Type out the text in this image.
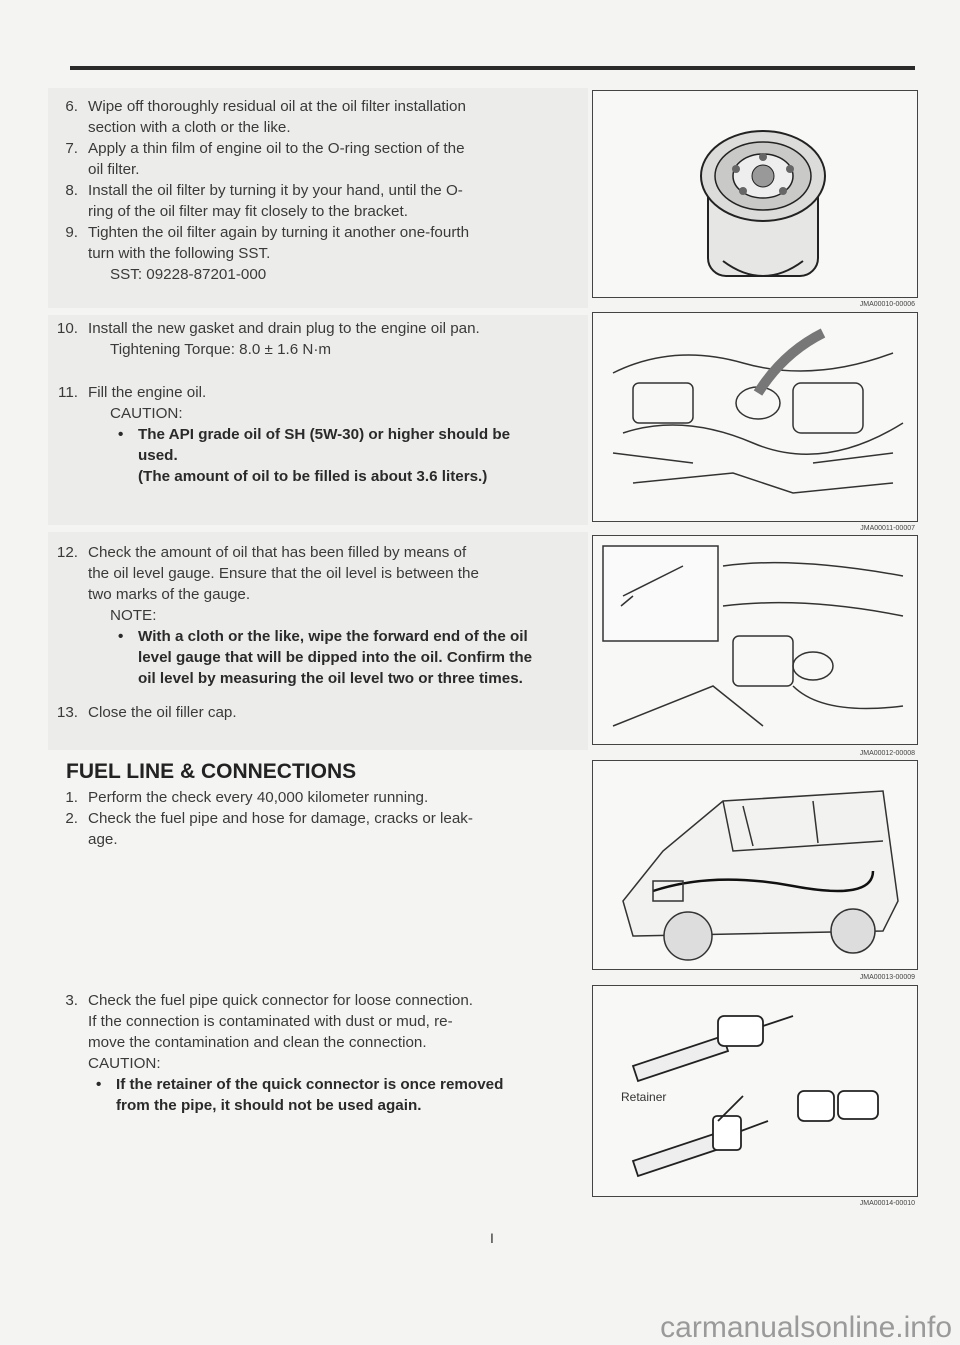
6. Wipe off thoroughly residual oil at the oil filter installation
section with a cloth or the like.
7. Apply a thin film of engine oil to the O-ring section of the
oil filter.
8. Install the oil filter by turning it by your hand, until the O-
ring of the oil filter may fit closely to the bracket.
9. Tighten the oil filter again by turning it another one-fourth
turn with the following SST.
SST: 09228-87201-000
10. Install the new gasket and drain plug to the engine oil pan.
Tightening Torque: 8.0 ± 1.6 N·m
11. Fill the engine oil.
CAUTION:
• The API grade oil of SH (5W-30) or higher should be
used.
(The amount of oil to be filled is about 3.6 liters.)
12. Check the amount of oil that has been filled by means of
the oil level gauge. Ensure that the oil level is between the
two marks of the gauge.
NOTE:
• With a cloth or the like, wipe the forward end of the oil
level gauge that will be dipped into the oil. Confirm the
oil level by measuring the oil level two or three times.
13. Close the oil filler cap.
FUEL LINE & CONNECTIONS
1. Perform the check every 40,000 kilometer running.
2. Check the fuel pipe and hose for damage, cracks or leak-
age.
3. Check the fuel pipe quick connector for loose connection.
If the connection is contaminated with dust or mud, re-
move the contamination and clean the connection.
CAUTION:
• If the retainer of the quick connector is once removed
from the pipe, it should not be used again.
JMA00010-00006
JMA00011-00007
JMA00012-00008
JMA00013-00009
Retainer
JMA00014-00010
I
carmanualsonline.info
